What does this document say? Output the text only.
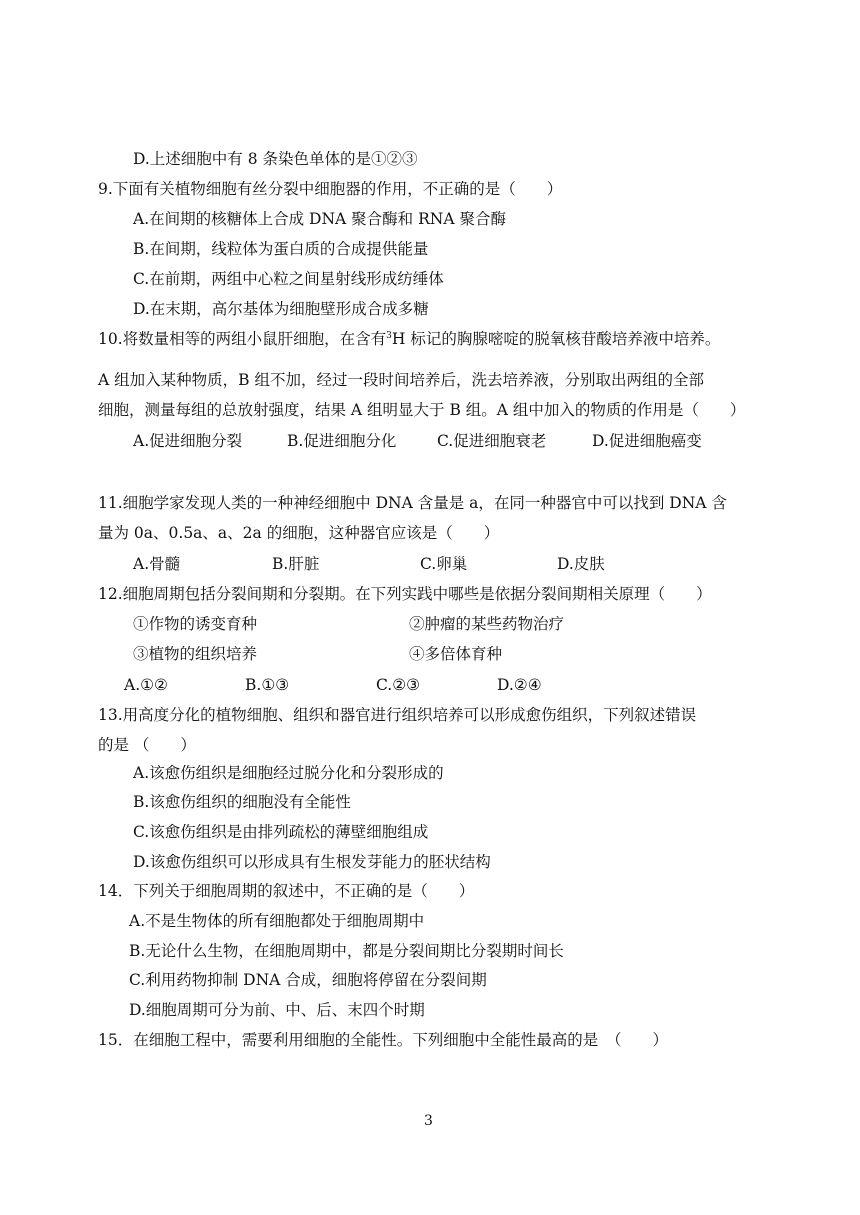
D.上述细胞中有 8 条染色单体的是①②③
9.下面有关植物细胞有丝分裂中细胞器的作用，不正确的是（　　）
A.在间期的核糖体上合成 DNA 聚合酶和 RNA 聚合酶
B.在间期，线粒体为蛋白质的合成提供能量
C.在前期，两组中心粒之间星射线形成纺缍体
D.在末期，高尔基体为细胞壁形成合成多糖
10.将数量相等的两组小鼠肝细胞，在含有$^3$H 标记的胸腺嘧啶的脱氧核苷酸培养液中培养。
A 组加入某种物质，B 组不加，经过一段时间培养后，洗去培养液，分别取出两组的全部
细胞，测量每组的总放射强度，结果 A 组明显大于 B 组。A 组中加入的物质的作用是（　　）
A.促进细胞分裂	B.促进细胞分化	C.促进细胞衰老	D.促进细胞癌变
11.细胞学家发现人类的一种神经细胞中 DNA 含量是 a，在同一种器官中可以找到 DNA 含
量为 0a、0.5a、a、2a 的细胞，这种器官应该是（　　）
A.骨髓	B.肝脏	C.卵巢	D.皮肤
12.细胞周期包括分裂间期和分裂期。在下列实践中哪些是依据分裂间期相关原理（　　）
①作物的诱变育种	②肿瘤的某些药物治疗
③植物的组织培养	④多倍体育种
A.①②	B.①③	C.②③	D.②④
13.用高度分化的植物细胞、组织和器官进行组织培养可以形成愈伤组织，下列叙述错误
的是 （　　）
A.该愈伤组织是细胞经过脱分化和分裂形成的
B.该愈伤组织的细胞没有全能性
C.该愈伤组织是由排列疏松的薄壁细胞组成
D.该愈伤组织可以形成具有生根发芽能力的胚状结构
14．下列关于细胞周期的叙述中，不正确的是（　　）
A.不是生物体的所有细胞都处于细胞周期中
B.无论什么生物，在细胞周期中，都是分裂间期比分裂期时间长
C.利用药物抑制 DNA 合成，细胞将停留在分裂间期
D.细胞周期可分为前、中、后、末四个时期
15．在细胞工程中，需要利用细胞的全能性。下列细胞中全能性最高的是　（　　）
3
